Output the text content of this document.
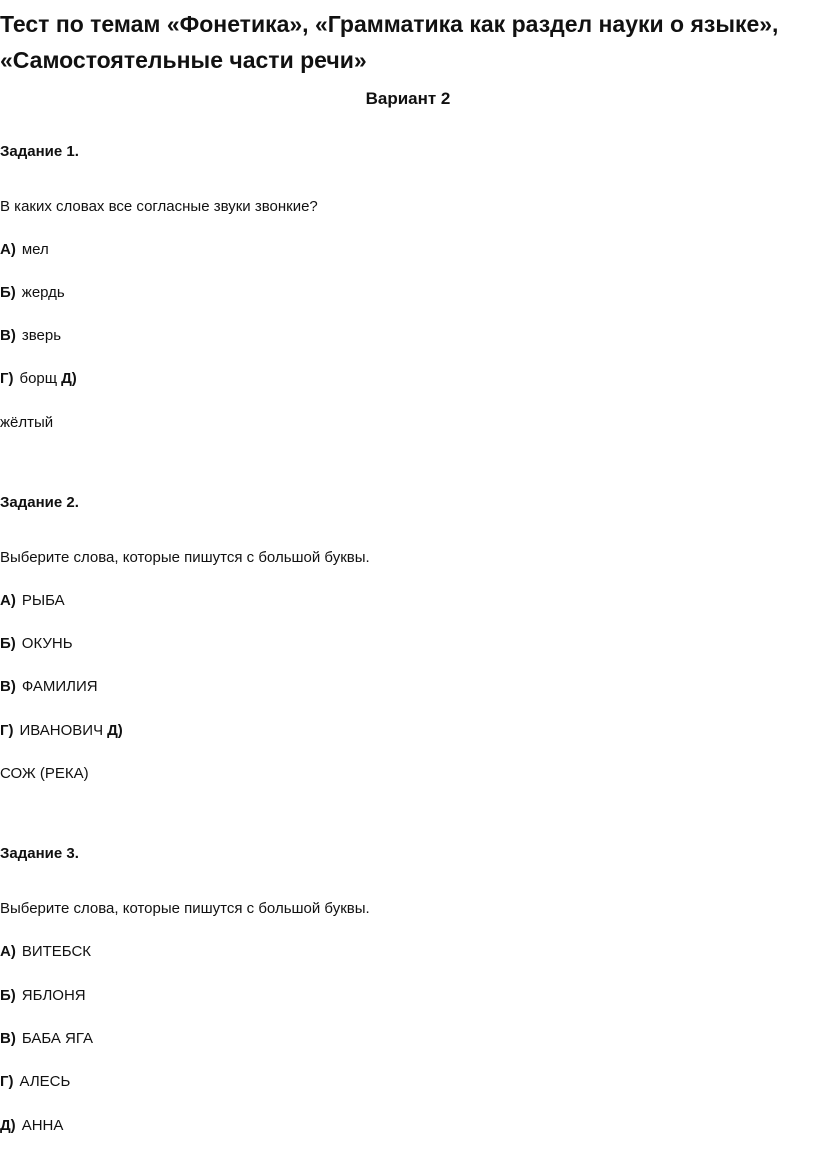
Тест по темам «Фонетика», «Грамматика как раздел науки о языке», «Самостоятельные части речи»
Вариант 2
Задание 1.
В каких словах все согласные звуки звонкие?
А) мел
Б) жердь
В) зверь
Г) борщ Д)
жёлтый
Задание 2.
Выберите слова, которые пишутся с большой буквы.
А) РЫБА
Б) ОКУНЬ
В) ФАМИЛИЯ
Г) ИВАНОВИЧ Д)
СОЖ (РЕКА)
Задание 3.
Выберите слова, которые пишутся с большой буквы.
А) ВИТЕБСК
Б) ЯБЛОНЯ
В) БАБА ЯГА
Г) АЛЕСЬ
Д) АННА
